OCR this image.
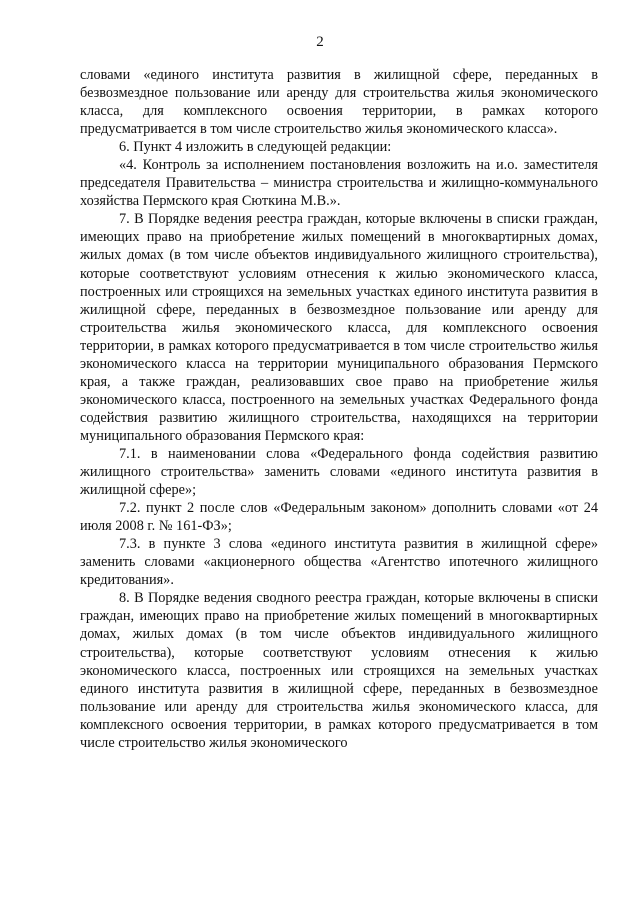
2

словами «единого института развития в жилищной сфере, переданных в безвозмездное пользование или аренду для строительства жилья экономического класса, для комплексного освоения территории, в рамках которого предусматривается в том числе строительство жилья экономического класса».

6. Пункт 4 изложить в следующей редакции:

«4. Контроль за исполнением постановления возложить на и.о. заместителя председателя Правительства – министра строительства и жилищно-коммунального хозяйства Пермского края Сюткина М.В.».

7. В Порядке ведения реестра граждан, которые включены в списки граждан, имеющих право на приобретение жилых помещений в многоквартирных домах, жилых домах (в том числе объектов индивидуального жилищного строительства), которые соответствуют условиям отнесения к жилью экономического класса, построенных или строящихся на земельных участках единого института развития в жилищной сфере, переданных в безвозмездное пользование или аренду для строительства жилья экономического класса, для комплексного освоения территории, в рамках которого предусматривается в том числе строительство жилья экономического класса на территории муниципального образования Пермского края, а также граждан, реализовавших свое право на приобретение жилья экономического класса, построенного на земельных участках Федерального фонда содействия развитию жилищного строительства, находящихся на территории муниципального образования Пермского края:

7.1. в наименовании слова «Федерального фонда содействия развитию жилищного строительства» заменить словами «единого института развития в жилищной сфере»;

7.2. пункт 2 после слов «Федеральным законом» дополнить словами «от 24 июля 2008 г. № 161-ФЗ»;

7.3. в пункте 3 слова «единого института развития в жилищной сфере» заменить словами «акционерного общества «Агентство ипотечного жилищного кредитования».

8. В Порядке ведения сводного реестра граждан, которые включены в списки граждан, имеющих право на приобретение жилых помещений в многоквартирных домах, жилых домах (в том числе объектов индивидуального жилищного строительства), которые соответствуют условиям отнесения к жилью экономического класса, построенных или строящихся на земельных участках единого института развития в жилищной сфере, переданных в безвозмездное пользование или аренду для строительства жилья экономического класса, для комплексного освоения территории, в рамках которого предусматривается в том числе строительство жилья экономического
